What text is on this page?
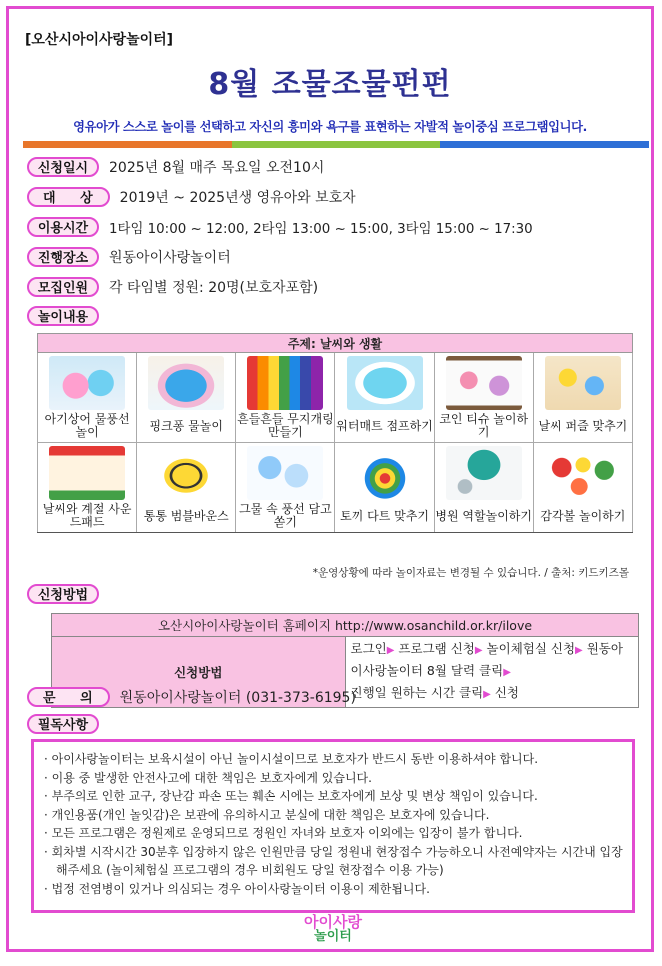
[오산시아이사랑놀이터]
8월 조물조물펀펀
영유아가 스스로 놀이를 선택하고 자신의 흥미와 욕구를 표현하는 자발적 놀이중심 프로그램입니다.
신청일시	2025년 8월 매주 목요일 오전10시
대 상	2019년 ~ 2025년생 영유아와 보호자
이용시간	1타임 10:00 ~ 12:00, 2타임 13:00 ~ 15:00, 3타임 15:00 ~ 17:30
진행장소	원동아이사랑놀이터
모집인원	각 타임별 정원: 20명(보호자포함)
놀이내용
주제: 날씨와 생활					

아기상어 물풍선 놀이	핑크퐁 물놀이	흔들흔들 무지개링 만들기	워터매트 점프하기	코인 티슈 놀이하기	날씨 퍼즐 맞추기

날씨와 계절 사운드패드	통통 범블바운스	그물 속 풍선 담고 쏟기	토끼 다트 맞추기	병원 역할놀이하기	감각볼 놀이하기
*운영상황에 따라 놀이자료는 변경될 수 있습니다. / 출처: 키드키즈몰
신청방법
오산시아이사랑놀이터 홈페이지 http://www.osanchild.or.kr/ilove
신청방법	로그인▶ 프로그램 신청▶ 놀이체험실 신청▶ 원동아이사랑놀이터 8월 달력 클릭▶
진행일 원하는 시간 클릭▶ 신청
문 의	원동아이사랑놀이터 (031-373-6195)
필독사항
· 아이사랑놀이터는 보육시설이 아닌 놀이시설이므로 보호자가 반드시 동반 이용하셔야 합니다.
· 이용 중 발생한 안전사고에 대한 책임은 보호자에게 있습니다.
· 부주의로 인한 교구, 장난감 파손 또는 훼손 시에는 보호자에게 보상 및 변상 책임이 있습니다.
· 개인용품(개인 놀잇감)은 보관에 유의하시고 분실에 대한 책임은 보호자에 있습니다.
· 모든 프로그램은 정원제로 운영되므로 정원인 자녀와 보호자 이외에는 입장이 불가 합니다.
· 회차별 시작시간 30분후 입장하지 않은 인원만큼 당일 정원내 현장접수 가능하오니 사전예약자는 시간내 입장 해주세요 (놀이체험실 프로그램의 경우 비회원도 당일 현장접수 이용 가능)
· 법정 전염병이 있거나 의심되는 경우 아이사랑놀이터 이용이 제한됩니다.
아이사랑
놀이터
